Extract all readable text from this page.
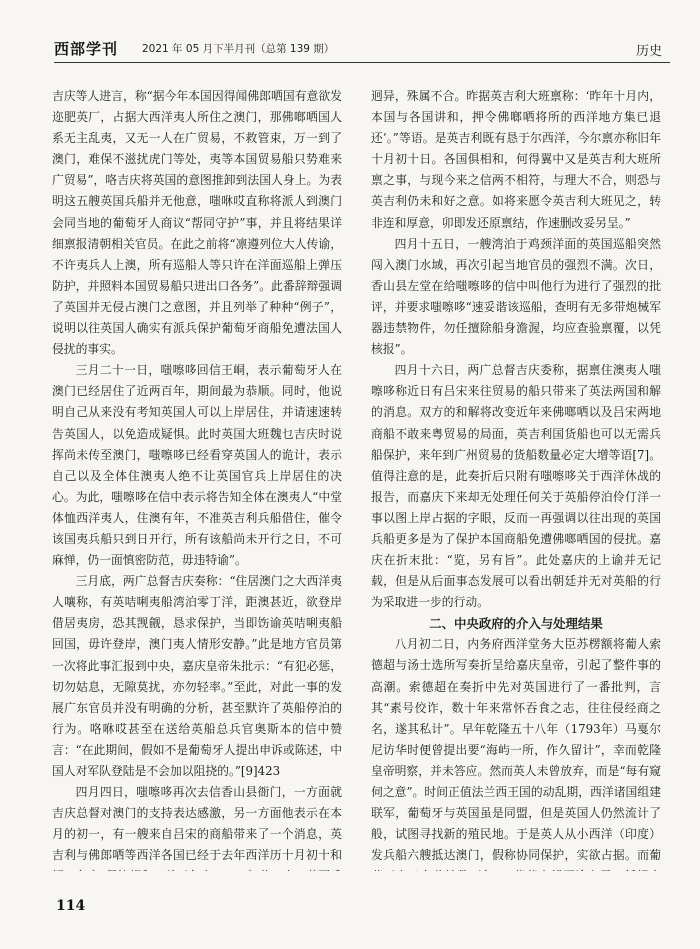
西部学刊 2021 年 05 月下半月刊（总第 139 期）	历史

吉庆等人进言，称“据今年本国因得闻佛郎哂国有意欲发迩肥英厂，占据大西洋夷人所住之澳门，那佛啷哂国人系无主乱夷，又无一人在广贸易，不救管束，万一到了澳门，难保不滋扰虎门等处，夷等本国贸易船只势难来广贸易”，咯吉庆将英国的意图推卸到法国人身上。为表明这五艘英国兵船并无他意，嗤咻哎直称将派人到澳门会同当地的葡萄牙人商议“帮同守护”事，并且将结果详细禀报清朝相关官员。在此之前将“凛遵列位大人传谕，不许夷兵人上澳，所有巡船人等只许在洋面巡船上弹压防护，并照料本国贸易船只进出口各务”。此番辞辩强调了英国并无侵占澳门之意图，并且列举了种种“例子”，说明以往英国人确实有派兵保护葡萄牙商船免遭法国人侵扰的事实。

三月二十一日，嗤嚓哆回信王峒，表示葡萄牙人在澳门已经居住了近两百年，期间最为恭顺。同时，他说明自己从来没有考知英国人可以上岸居住，并请速速转告英国人，以免造成疑惧。此时英国大班魏乜吉庆时说挥尚未传至澳门，嗤嚓哆已经看穿英国人的诡计，表示自己以及全体住澳夷人绝不让英国官兵上岸居住的决心。为此，嗤嚓哆在信中表示将告知全体在澳夷人“中堂体恤西洋夷人，住澳有年，不准英吉利兵船借住，催令该国夷兵船只到日开行，所有该船尚未开行之日，不可麻惮，仍一面慎密防范，毋违特谕”。

三月底，两广总督吉庆奏称：“住居澳门之大西洋夷人嚷称，有英咭唎夷船湾泊零丁洋，距澳甚近，欲登岸借居夷房，恐其觊觎，恳求保护，当即饬谕英咭唎夷船回国，毋许登岸，澳门夷人情形安静。”此是地方官员第一次将此事汇报到中央，嘉庆皇帝朱批示：“有犯必惩，切勿姑息，无隙莫扰，亦勿轻率。”至此，对此一事的发展广东官员并没有明确的分析，甚至默许了英船停泊的行为。咯咻哎甚至在送给英船总兵官奥斯本的信中赞言：“在此期间，假如不是葡萄牙人提出申诉或陈述，中国人对军队登陆是不会加以阻挠的。”[9]423

四月四日，嗤嚓哆再次去信香山县衙门，一方面就吉庆总督对澳门的支持表达感激，另一方面他表示在本月的初一，有一艘来自吕宋的商船带来了一个消息，英吉利与佛郎哂等西洋各国已经于去年西洋历十月初十和

迥异，殊属不合。昨据英吉利大班禀称：‘昨年十月内，本国与各国讲和，押令佛啷哂将所的西洋地方集已退还’。”等语。是英吉利既有恳于尔西洋，今尔禀亦称旧年十月初十日。各国俱相和，何得翼中又是英吉利大班所禀之事，与现今来之信两不相符，与理大不合，则恐与英吉利仍未和好之意。如将来愿令英吉利大班见之，转非连和厚意，卯即发还原禀结，作速删改妥另呈。”

四月十五日，一艘湾泊于鸡颈洋面的英国巡船突然闯入澳门水域，再次引起当地官员的强烈不满。次日，香山县左堂在给嗤嚓哆的信中叫他行为进行了强烈的批评，并要求嗤嚓哆“速妥谐该巡船，查明有无多带炮械军器违禁物件，勿任擅除船身澹渥，均应查验禀覆，以凭核报”。

四月十六日，两广总督吉庆委称，据禀住澳夷人嗤嚓哆称近日有吕宋来往贸易的船只带来了英法两国和解的消息。双方的和解将改变近年来佛啷哂以及吕宋两地商船不敢来粤贸易的局面，英吉利国货船也可以无需兵船保护，来年到广州贸易的货船数量必定大增等语[7]。值得注意的是，此奏折后只附有嗤嚓哆关于西洋休战的报告，而嘉庆下来却无处理任何关于英船停泊伶仃洋一事以图上岸占据的字眼，反而一再强调以往出现的英国兵船更多是为了保护本国商船免遭佛啷哂国的侵扰。嘉庆在折末批：“览，另有旨”。此处嘉庆的上谕并无记载，但是从后面事态发展可以看出朝廷并无对英船的行为采取进一步的行动。

二、中央政府的介入与处理结果

八月初二日，内务府西洋堂务大臣苏楞额将葡人索德超与汤士选所写奏折呈给嘉庆皇帝，引起了整件事的高潮。索德超在奏折中先对英国进行了一番批判，言其“素号佼诈，数十年来常怀吞食之志，往往侵经商之名，遂其私计”。早年乾隆五十八年（1793年）马戛尔尼访华时便曾提出要“海屿一所，作久留计”，幸而乾隆皇帝明察，并未答应。然而英人未曾放弃，而是“每有窥伺之意”。时间正值法兰西王国的动乱期，西洋诸国组建联军，葡萄牙与英国虽是同盟，但是英国人仍然流计了般，试图寻找新的殖民地。于是英人从小西洋（印度）发兵船六艘抵达澳门，假称协同保护，实欲占据。而葡

114
